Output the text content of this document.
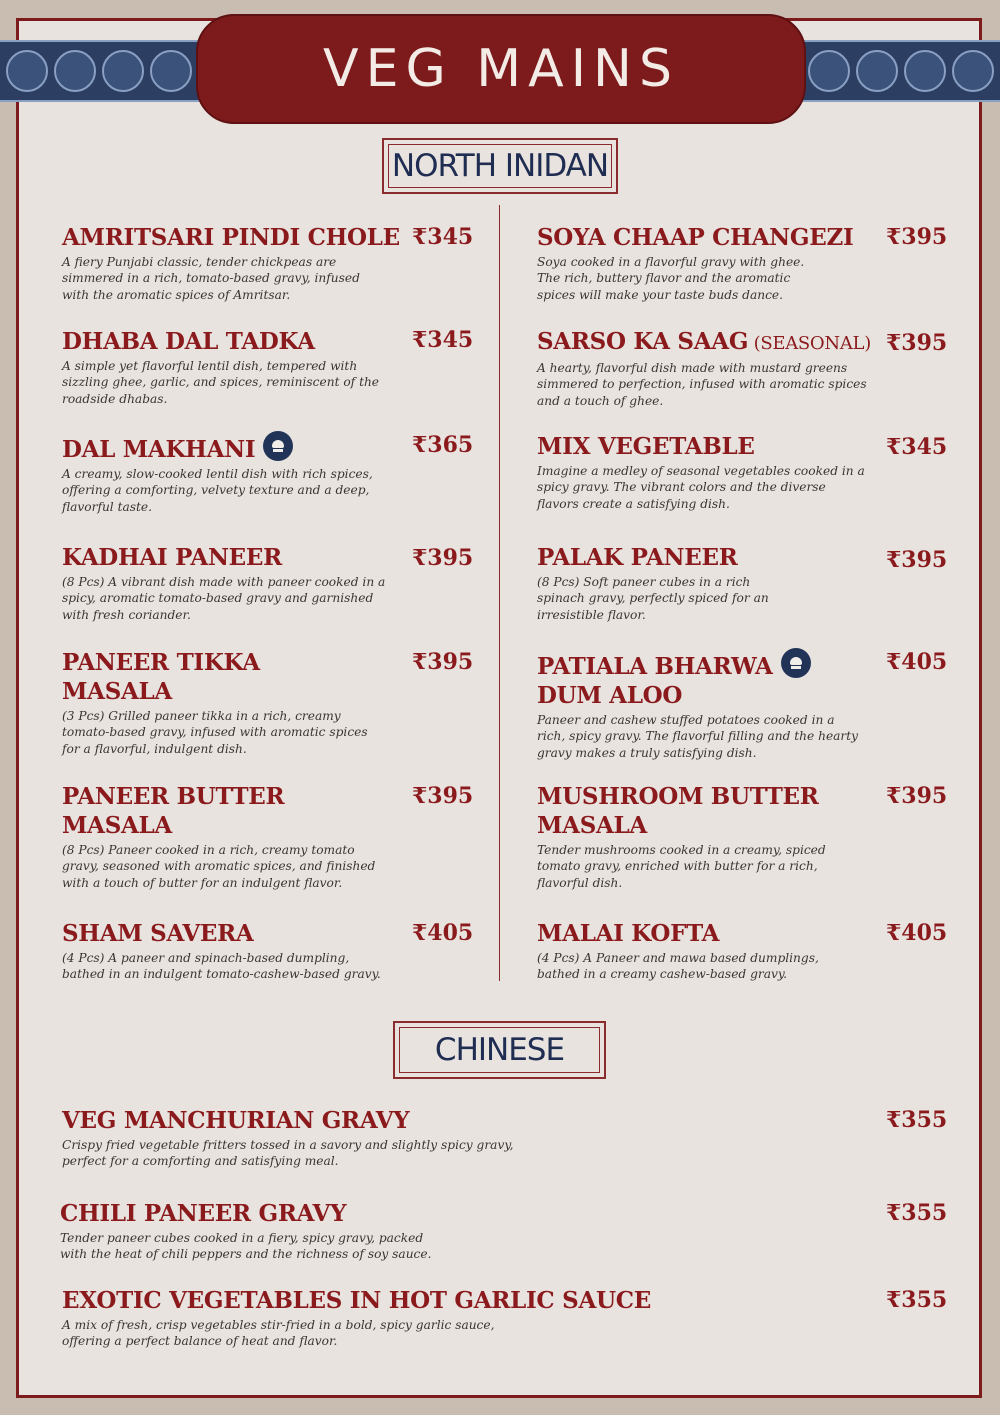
VEG MAINS
NORTH INIDAN
AMRITSARI PINDI CHOLE
A fiery Punjabi classic, tender chickpeas are
simmered in a rich, tomato-based gravy, infused
with the aromatic spices of Amritsar.
₹345
DHABA DAL TADKA
A simple yet flavorful lentil dish, tempered with
sizzling ghee, garlic, and spices, reminiscent of the
roadside dhabas.
₹345
DAL MAKHANI
A creamy, slow-cooked lentil dish with rich spices,
offering a comforting, velvety texture and a deep,
flavorful taste.
₹365
KADHAI PANEER
(8 Pcs) A vibrant dish made with paneer cooked in a
spicy, aromatic tomato-based gravy and garnished
with fresh coriander.
₹395
PANEER TIKKA
MASALA
(3 Pcs) Grilled paneer tikka in a rich, creamy
tomato-based gravy, infused with aromatic spices
for a flavorful, indulgent dish.
₹395
PANEER BUTTER
MASALA
(8 Pcs) Paneer cooked in a rich, creamy tomato
gravy, seasoned with aromatic spices, and finished
with a touch of butter for an indulgent flavor.
₹395
SHAM SAVERA
(4 Pcs) A paneer and spinach-based dumpling,
bathed in an indulgent tomato-cashew-based gravy.
₹405
SOYA CHAAP CHANGEZI
Soya cooked in a flavorful gravy with ghee.
The rich, buttery flavor and the aromatic
spices will make your taste buds dance.
₹395
SARSO KA SAAG (SEASONAL)
A hearty, flavorful dish made with mustard greens
simmered to perfection, infused with aromatic spices
and a touch of ghee.
₹395
MIX VEGETABLE
Imagine a medley of seasonal vegetables cooked in a
spicy gravy. The vibrant colors and the diverse
flavors create a satisfying dish.
₹345
PALAK PANEER
(8 Pcs) Soft paneer cubes in a rich
spinach gravy, perfectly spiced for an
irresistible flavor.
₹395
PATIALA BHARWA
DUM ALOO
Paneer and cashew stuffed potatoes cooked in a
rich, spicy gravy. The flavorful filling and the hearty
gravy makes a truly satisfying dish.
₹405
MUSHROOM BUTTER
MASALA
Tender mushrooms cooked in a creamy, spiced
tomato gravy, enriched with butter for a rich,
flavorful dish.
₹395
MALAI KOFTA
(4 Pcs) A Paneer and mawa based dumplings,
bathed in a creamy cashew-based gravy.
₹405
CHINESE
VEG MANCHURIAN GRAVY
Crispy fried vegetable fritters tossed in a savory and slightly spicy gravy,
perfect for a comforting and satisfying meal.
₹355
CHILI PANEER GRAVY
Tender paneer cubes cooked in a fiery, spicy gravy, packed
with the heat of chili peppers and the richness of soy sauce.
₹355
EXOTIC VEGETABLES IN HOT GARLIC SAUCE
A mix of fresh, crisp vegetables stir-fried in a bold, spicy garlic sauce,
offering a perfect balance of heat and flavor.
₹355
